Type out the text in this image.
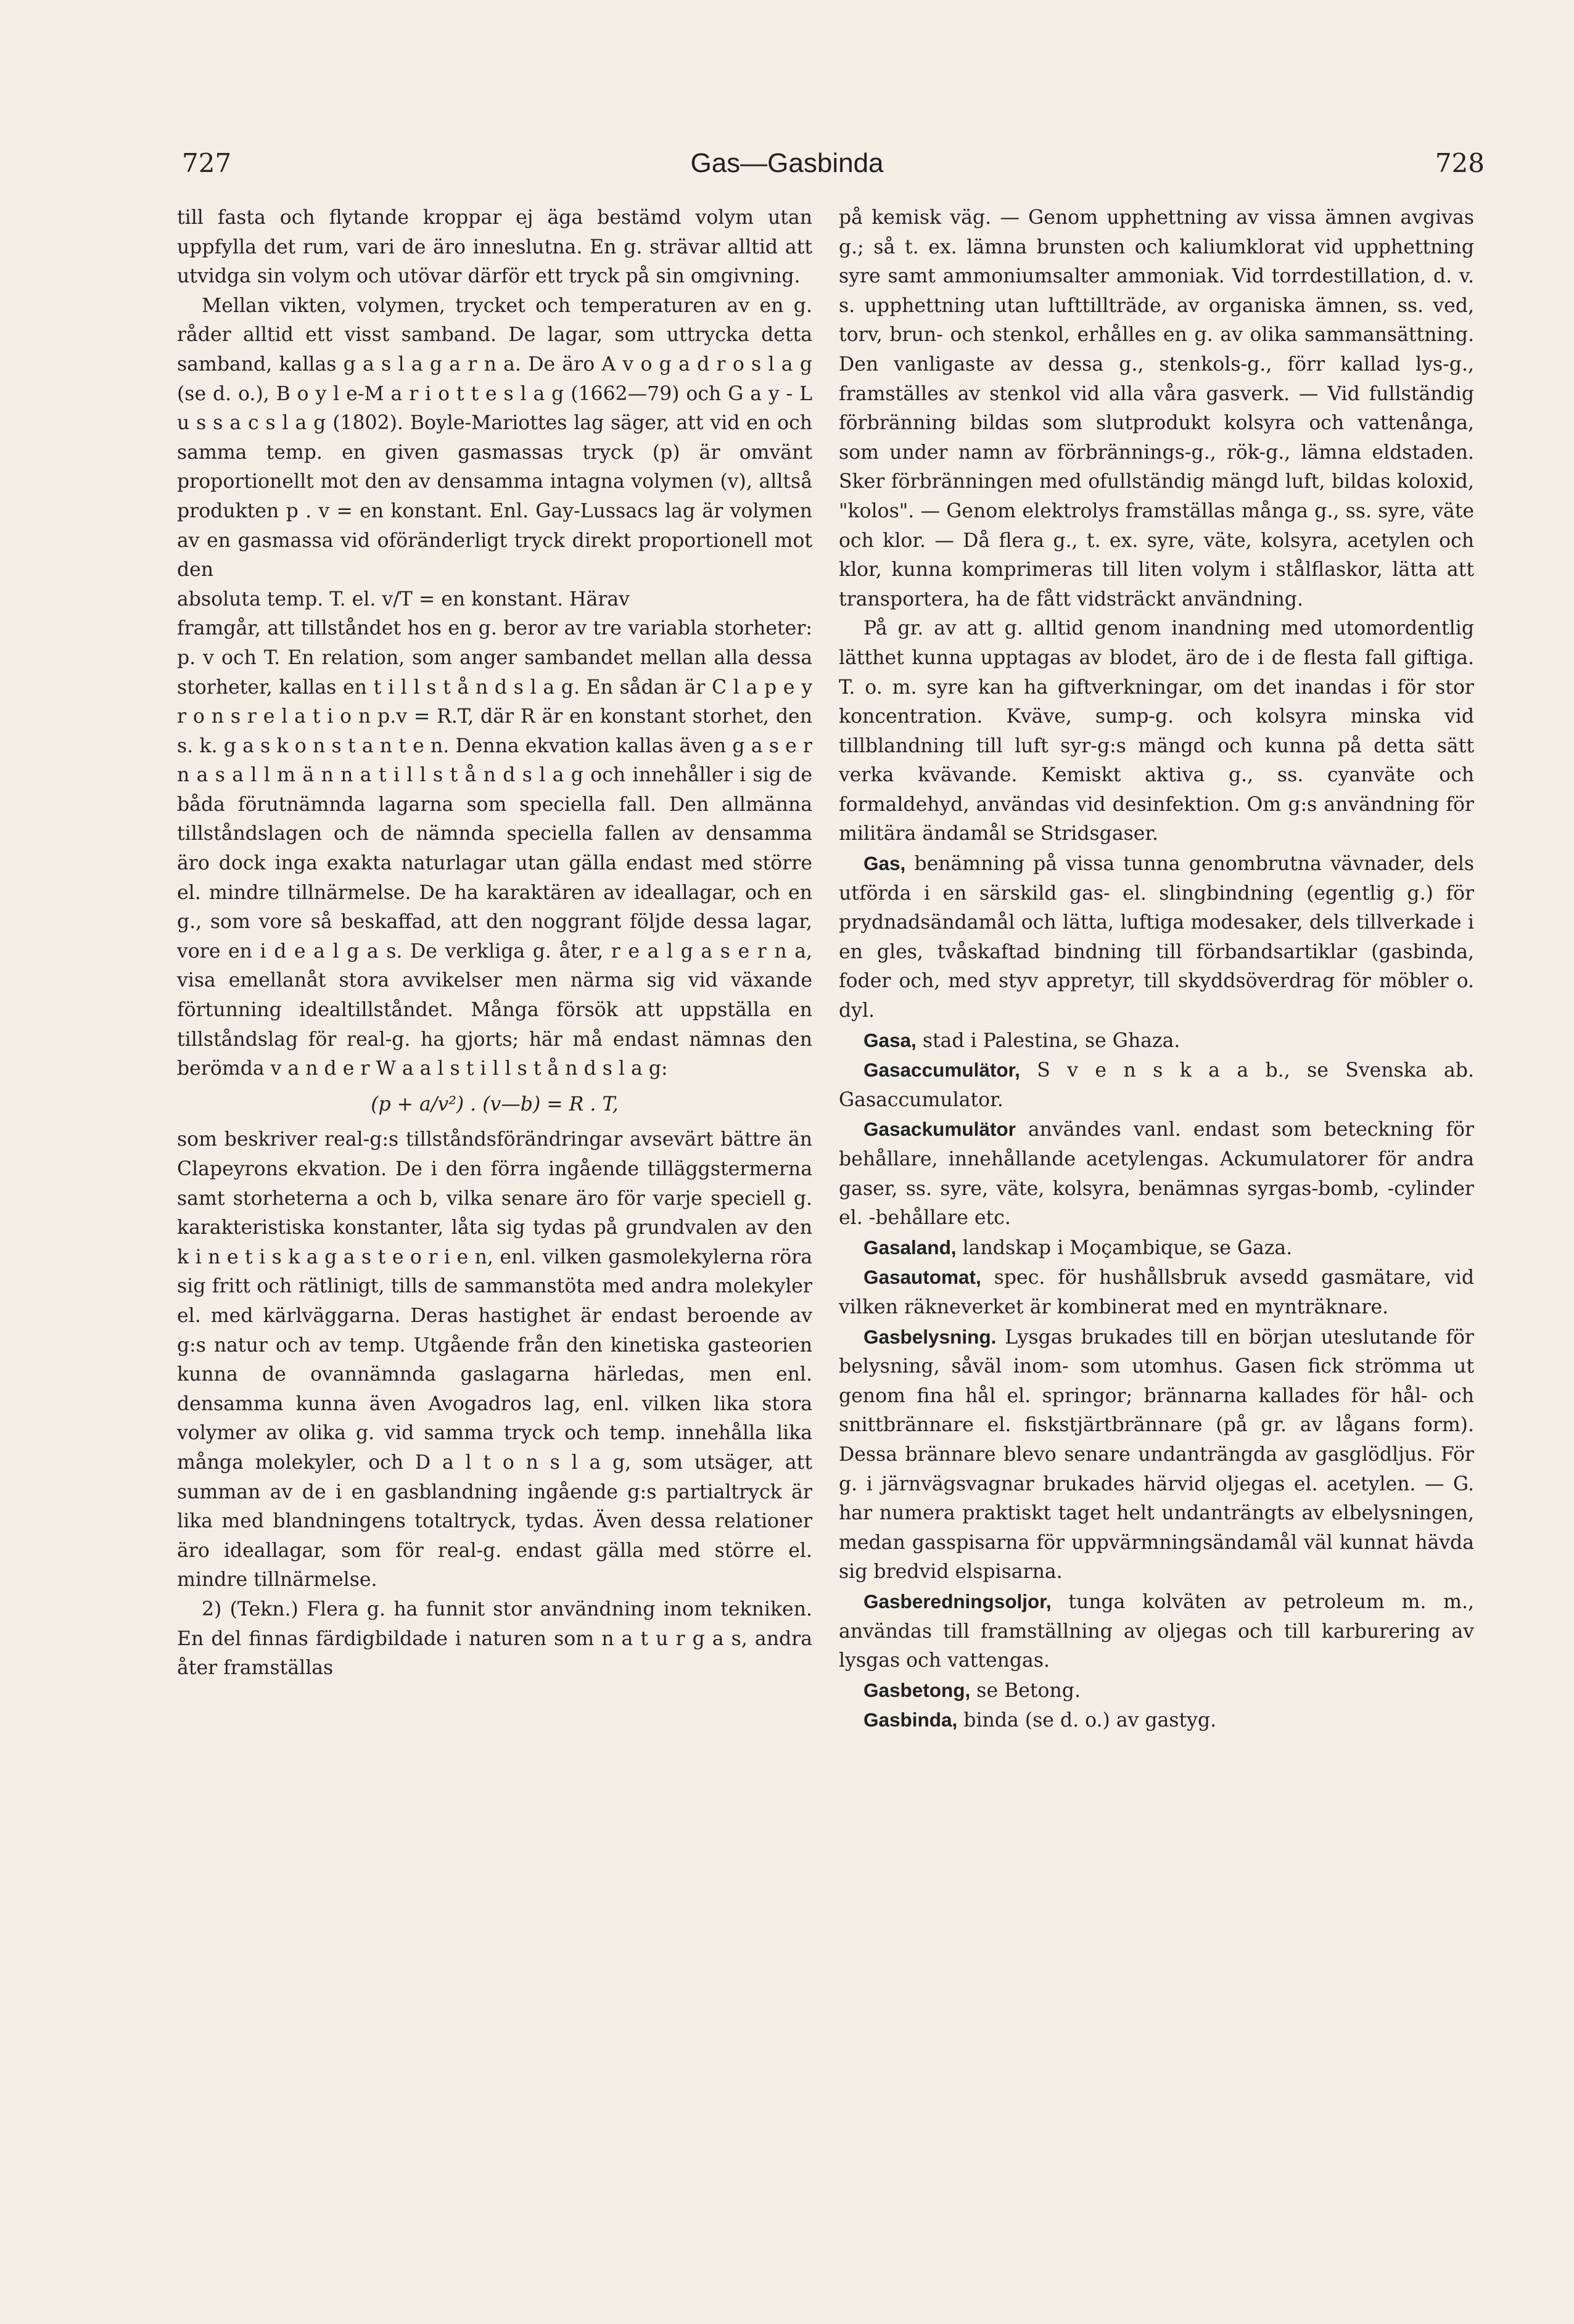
727	Gas—Gasbinda	728

till fasta och flytande kroppar ej äga bestämd volym utan uppfylla det rum, vari de äro inneslutna. En g. strävar alltid att utvidga sin volym och utövar därför ett tryck på sin omgivning.

Mellan vikten, volymen, trycket och temperaturen av en g. råder alltid ett visst samband. De lagar, som uttrycka detta samband, kallas g a s l a g a r n a. De äro A v o g a d r o s l a g (se d. o.), B o y l e-M a r i o t t e s l a g (1662—79) och G a y - L u s s a c s l a g (1802). Boyle-Mariottes lag säger, att vid en och samma temp. en given gasmassas tryck (p) är omvänt proportionellt mot den av densamma intagna volymen (v), alltså produkten p . v = en konstant. Enl. Gay-Lussacs lag är volymen av en gasmassa vid oföränderligt tryck direkt proportionell mot den

absoluta temp. T. el. v/T = en konstant. Härav

framgår, att tillståndet hos en g. beror av tre variabla storheter: p. v och T. En relation, som anger sambandet mellan alla dessa storheter, kallas en t i l l s t å n d s l a g. En sådan är C l a p e y r o n s r e l a t i o n p.v = R.T, där R är en konstant storhet, den s. k. g a s k o n s t a n t e n. Denna ekvation kallas även g a s e r n a s a l l m ä n n a t i l l s t å n d s l a g och innehåller i sig de båda förutnämnda lagarna som speciella fall. Den allmänna tillståndslagen och de nämnda speciella fallen av densamma äro dock inga exakta naturlagar utan gälla endast med större el. mindre tillnärmelse. De ha karaktären av ideallagar, och en g., som vore så beskaffad, att den noggrant följde dessa lagar, vore en i d e a l g a s. De verkliga g. åter, r e a l g a s e r n a, visa emellanåt stora avvikelser men närma sig vid växande förtunning idealtillståndet. Många försök att uppställa en tillståndslag för real-g. ha gjorts; här må endast nämnas den berömda v a n d e r W a a l s t i l l s t å n d s l a g:

(p + a/v²) . (v—b) = R . T,

som beskriver real-g:s tillståndsförändringar avsevärt bättre än Clapeyrons ekvation. De i den förra ingående tilläggstermerna samt storheterna a och b, vilka senare äro för varje speciell g. karakteristiska konstanter, låta sig tydas på grundvalen av den k i n e t i s k a g a s t e o r i e n, enl. vilken gasmolekylerna röra sig fritt och rätlinigt, tills de sammanstöta med andra molekyler el. med kärlväggarna. Deras hastighet är endast beroende av g:s natur och av temp. Utgående från den kinetiska gasteorien kunna de ovannämnda gaslagarna härledas, men enl. densamma kunna även Avogadros lag, enl. vilken lika stora volymer av olika g. vid samma tryck och temp. innehålla lika många molekyler, och D a l t o n s l a g, som utsäger, att summan av de i en gasblandning ingående g:s partialtryck är lika med blandningens totaltryck, tydas. Även dessa relationer äro ideallagar, som för real-g. endast gälla med större el. mindre tillnärmelse.

2) (Tekn.) Flera g. ha funnit stor användning inom tekniken. En del finnas färdigbildade i naturen som n a t u r g a s, andra åter framställas

på kemisk väg. — Genom upphettning av vissa ämnen avgivas g.; så t. ex. lämna brunsten och kaliumklorat vid upphettning syre samt ammoniumsalter ammoniak. Vid torrdestillation, d. v. s. upphettning utan lufttillträde, av organiska ämnen, ss. ved, torv, brun- och stenkol, erhålles en g. av olika sammansättning. Den vanligaste av dessa g., stenkols-g., förr kallad lys-g., framställes av stenkol vid alla våra gasverk. — Vid fullständig förbränning bildas som slutprodukt kolsyra och vattenånga, som under namn av förbrännings-g., rök-g., lämna eldstaden. Sker förbränningen med ofullständig mängd luft, bildas koloxid, "kolos". — Genom elektrolys framställas många g., ss. syre, väte och klor. — Då flera g., t. ex. syre, väte, kolsyra, acetylen och klor, kunna komprimeras till liten volym i stålflaskor, lätta att transportera, ha de fått vidsträckt användning.

På gr. av att g. alltid genom inandning med utomordentlig lätthet kunna upptagas av blodet, äro de i de flesta fall giftiga. T. o. m. syre kan ha giftverkningar, om det inandas i för stor koncentration. Kväve, sump-g. och kolsyra minska vid tillblandning till luft syr-g:s mängd och kunna på detta sätt verka kvävande. Kemiskt aktiva g., ss. cyanväte och formaldehyd, användas vid desinfektion. Om g:s användning för militära ändamål se Stridsgaser.

Gas, benämning på vissa tunna genombrutna vävnader, dels utförda i en särskild gas- el. slingbindning (egentlig g.) för prydnadsändamål och lätta, luftiga modesaker, dels tillverkade i en gles, tvåskaftad bindning till förbandsartiklar (gasbinda, foder och, med styv appretyr, till skyddsöverdrag för möbler o. dyl.

Gasa, stad i Palestina, se Ghaza.

Gasaccumulätor, S v e n s k a a b., se Svenska ab. Gasaccumulator.

Gasackumulätor användes vanl. endast som beteckning för behållare, innehållande acetylengas. Ackumulatorer för andra gaser, ss. syre, väte, kolsyra, benämnas syrgas-bomb, -cylinder el. -behållare etc.

Gasaland, landskap i Moçambique, se Gaza.

Gasautomat, spec. för hushållsbruk avsedd gasmätare, vid vilken räkneverket är kombinerat med en mynträknare.

Gasbelysning. Lysgas brukades till en början uteslutande för belysning, såväl inom- som utomhus. Gasen fick strömma ut genom fina hål el. springor; brännarna kallades för hål- och snittbrännare el. fiskstjärtbrännare (på gr. av lågans form). Dessa brännare blevo senare undanträngda av gasglödljus. För g. i järnvägsvagnar brukades härvid oljegas el. acetylen. — G. har numera praktiskt taget helt undanträngts av elbelysningen, medan gasspisarna för uppvärmningsändamål väl kunnat hävda sig bredvid elspisarna.

Gasberedningsoljor, tunga kolväten av petroleum m. m., användas till framställning av oljegas och till karburering av lysgas och vattengas.

Gasbetong, se Betong.

Gasbinda, binda (se d. o.) av gastyg.
